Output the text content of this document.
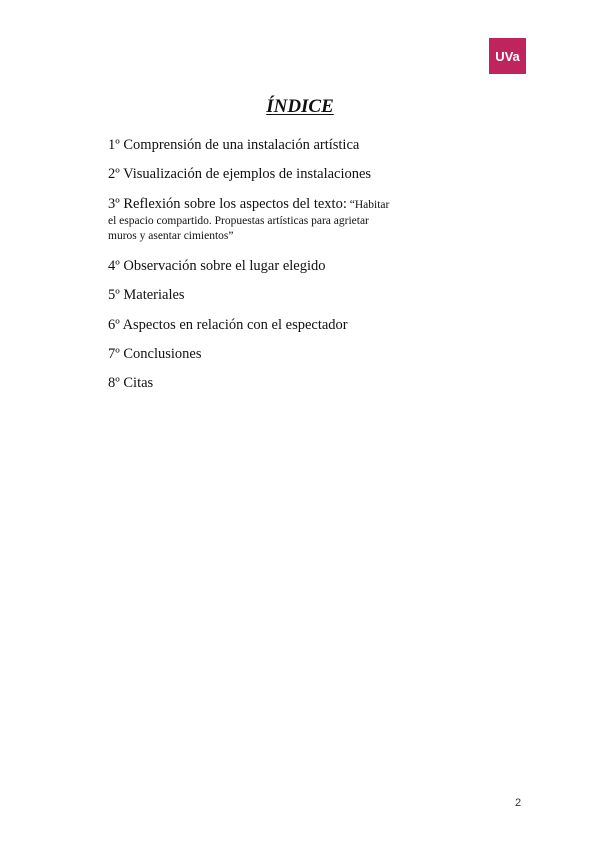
UVa
ÍNDICE

1º Comprensión de una instalación artística

2º Visualización de ejemplos de instalaciones

3º Reflexión sobre los aspectos del texto: “Habitar
el espacio compartido. Propuestas artísticas para agrietar
muros y asentar cimientos”

4º Observación sobre el lugar elegido

5º Materiales

6º Aspectos en relación con el espectador

7º Conclusiones

8º Citas

2
